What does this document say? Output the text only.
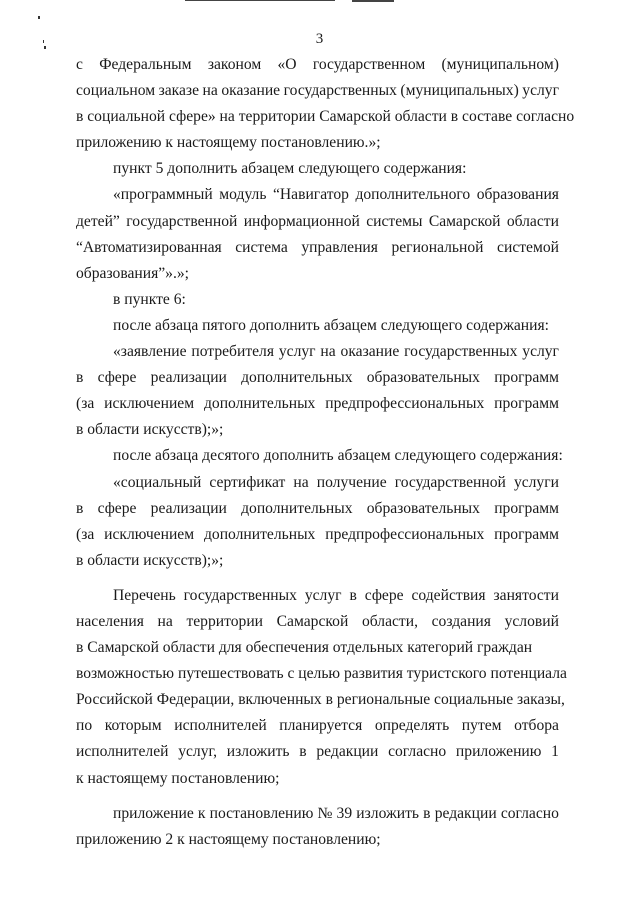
3
с Федеральным законом «О государственном (муниципальном)
социальном заказе на оказание государственных (муниципальных) услуг
в социальной сфере» на территории Самарской области в составе согласно
приложению к настоящему постановлению.»;
пункт 5 дополнить абзацем следующего содержания:
«программный модуль “Навигатор дополнительного образования
детей” государственной информационной системы Самарской области
“Автоматизированная система управления региональной системой
образования”».»;
в пункте 6:
после абзаца пятого дополнить абзацем следующего содержания:
«заявление потребителя услуг на оказание государственных услуг
в сфере реализации дополнительных образовательных программ
(за исключением дополнительных предпрофессиональных программ
в области искусств);»;
после абзаца десятого дополнить абзацем следующего содержания:
«социальный сертификат на получение государственной услуги
в сфере реализации дополнительных образовательных программ
(за исключением дополнительных предпрофессиональных программ
в области искусств);»;
Перечень государственных услуг в сфере содействия занятости
населения на территории Самарской области, создания условий
в Самарской области для обеспечения отдельных категорий граждан
возможностью путешествовать с целью развития туристского потенциала
Российской Федерации, включенных в региональные социальные заказы,
по которым исполнителей планируется определять путем отбора
исполнителей услуг, изложить в редакции согласно приложению 1
к настоящему постановлению;
приложение к постановлению № 39 изложить в редакции согласно
приложению 2 к настоящему постановлению;
